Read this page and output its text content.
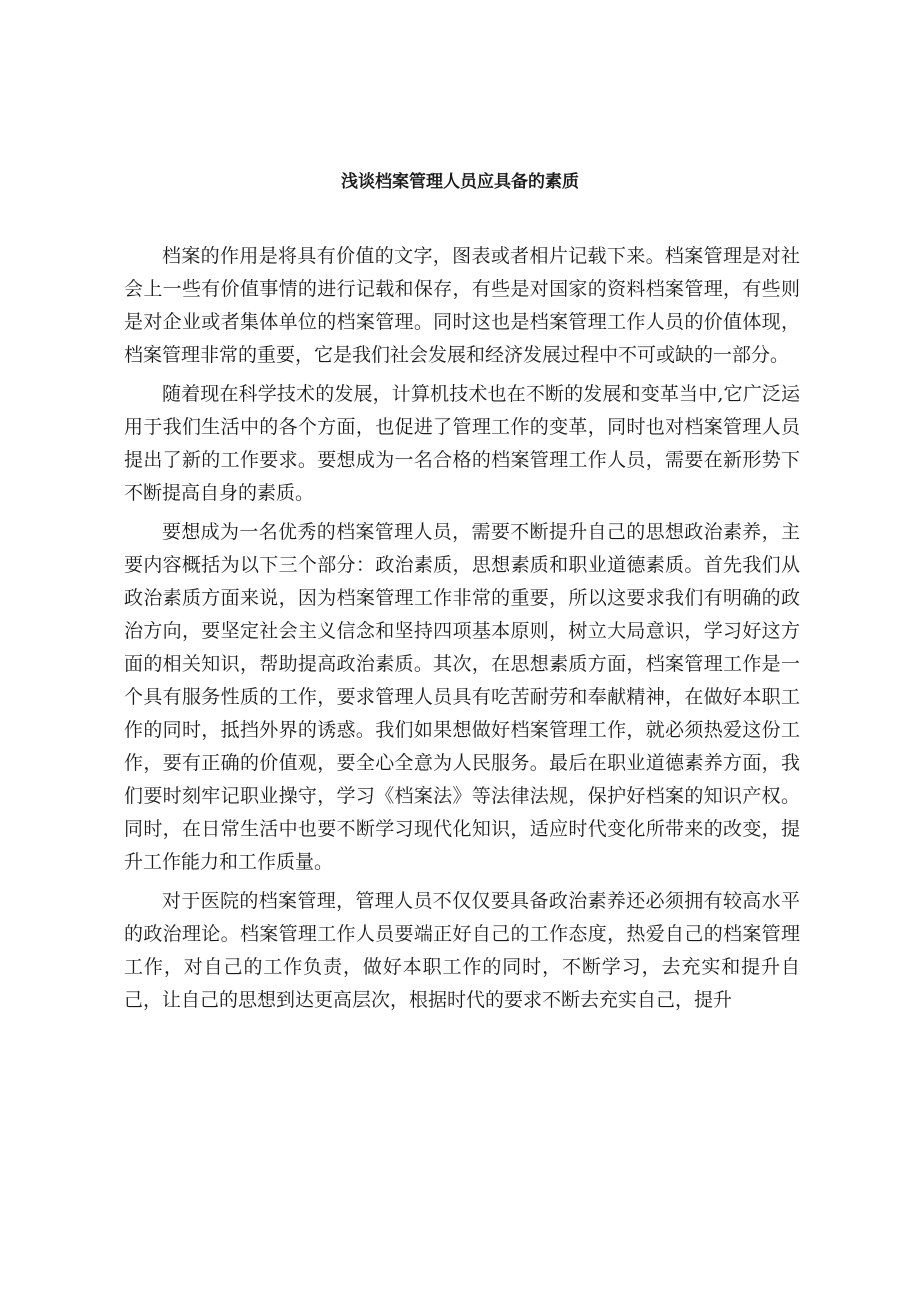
浅谈档案管理人员应具备的素质

档案的作用是将具有价值的文字，图表或者相片记载下来。档案管理是对社会上一些有价值事情的进行记载和保存，有些是对国家的资料档案管理，有些则是对企业或者集体单位的档案管理。同时这也是档案管理工作人员的价值体现，档案管理非常的重要，它是我们社会发展和经济发展过程中不可或缺的一部分。

随着现在科学技术的发展，计算机技术也在不断的发展和变革当中,它广泛运用于我们生活中的各个方面，也促进了管理工作的变革，同时也对档案管理人员提出了新的工作要求。要想成为一名合格的档案管理工作人员，需要在新形势下不断提高自身的素质。

要想成为一名优秀的档案管理人员，需要不断提升自己的思想政治素养，主要内容概括为以下三个部分：政治素质，思想素质和职业道德素质。首先我们从政治素质方面来说，因为档案管理工作非常的重要，所以这要求我们有明确的政治方向，要坚定社会主义信念和坚持四项基本原则，树立大局意识，学习好这方面的相关知识，帮助提高政治素质。其次，在思想素质方面，档案管理工作是一个具有服务性质的工作，要求管理人员具有吃苦耐劳和奉献精神，在做好本职工作的同时，抵挡外界的诱惑。我们如果想做好档案管理工作，就必须热爱这份工作，要有正确的价值观，要全心全意为人民服务。最后在职业道德素养方面，我们要时刻牢记职业操守，学习《档案法》等法律法规，保护好档案的知识产权。同时，在日常生活中也要不断学习现代化知识，适应时代变化所带来的改变，提升工作能力和工作质量。

对于医院的档案管理，管理人员不仅仅要具备政治素养还必须拥有较高水平的政治理论。档案管理工作人员要端正好自己的工作态度，热爱自己的档案管理工作，对自己的工作负责，做好本职工作的同时，不断学习，去充实和提升自己，让自己的思想到达更高层次，根据时代的要求不断去充实自己，提升
